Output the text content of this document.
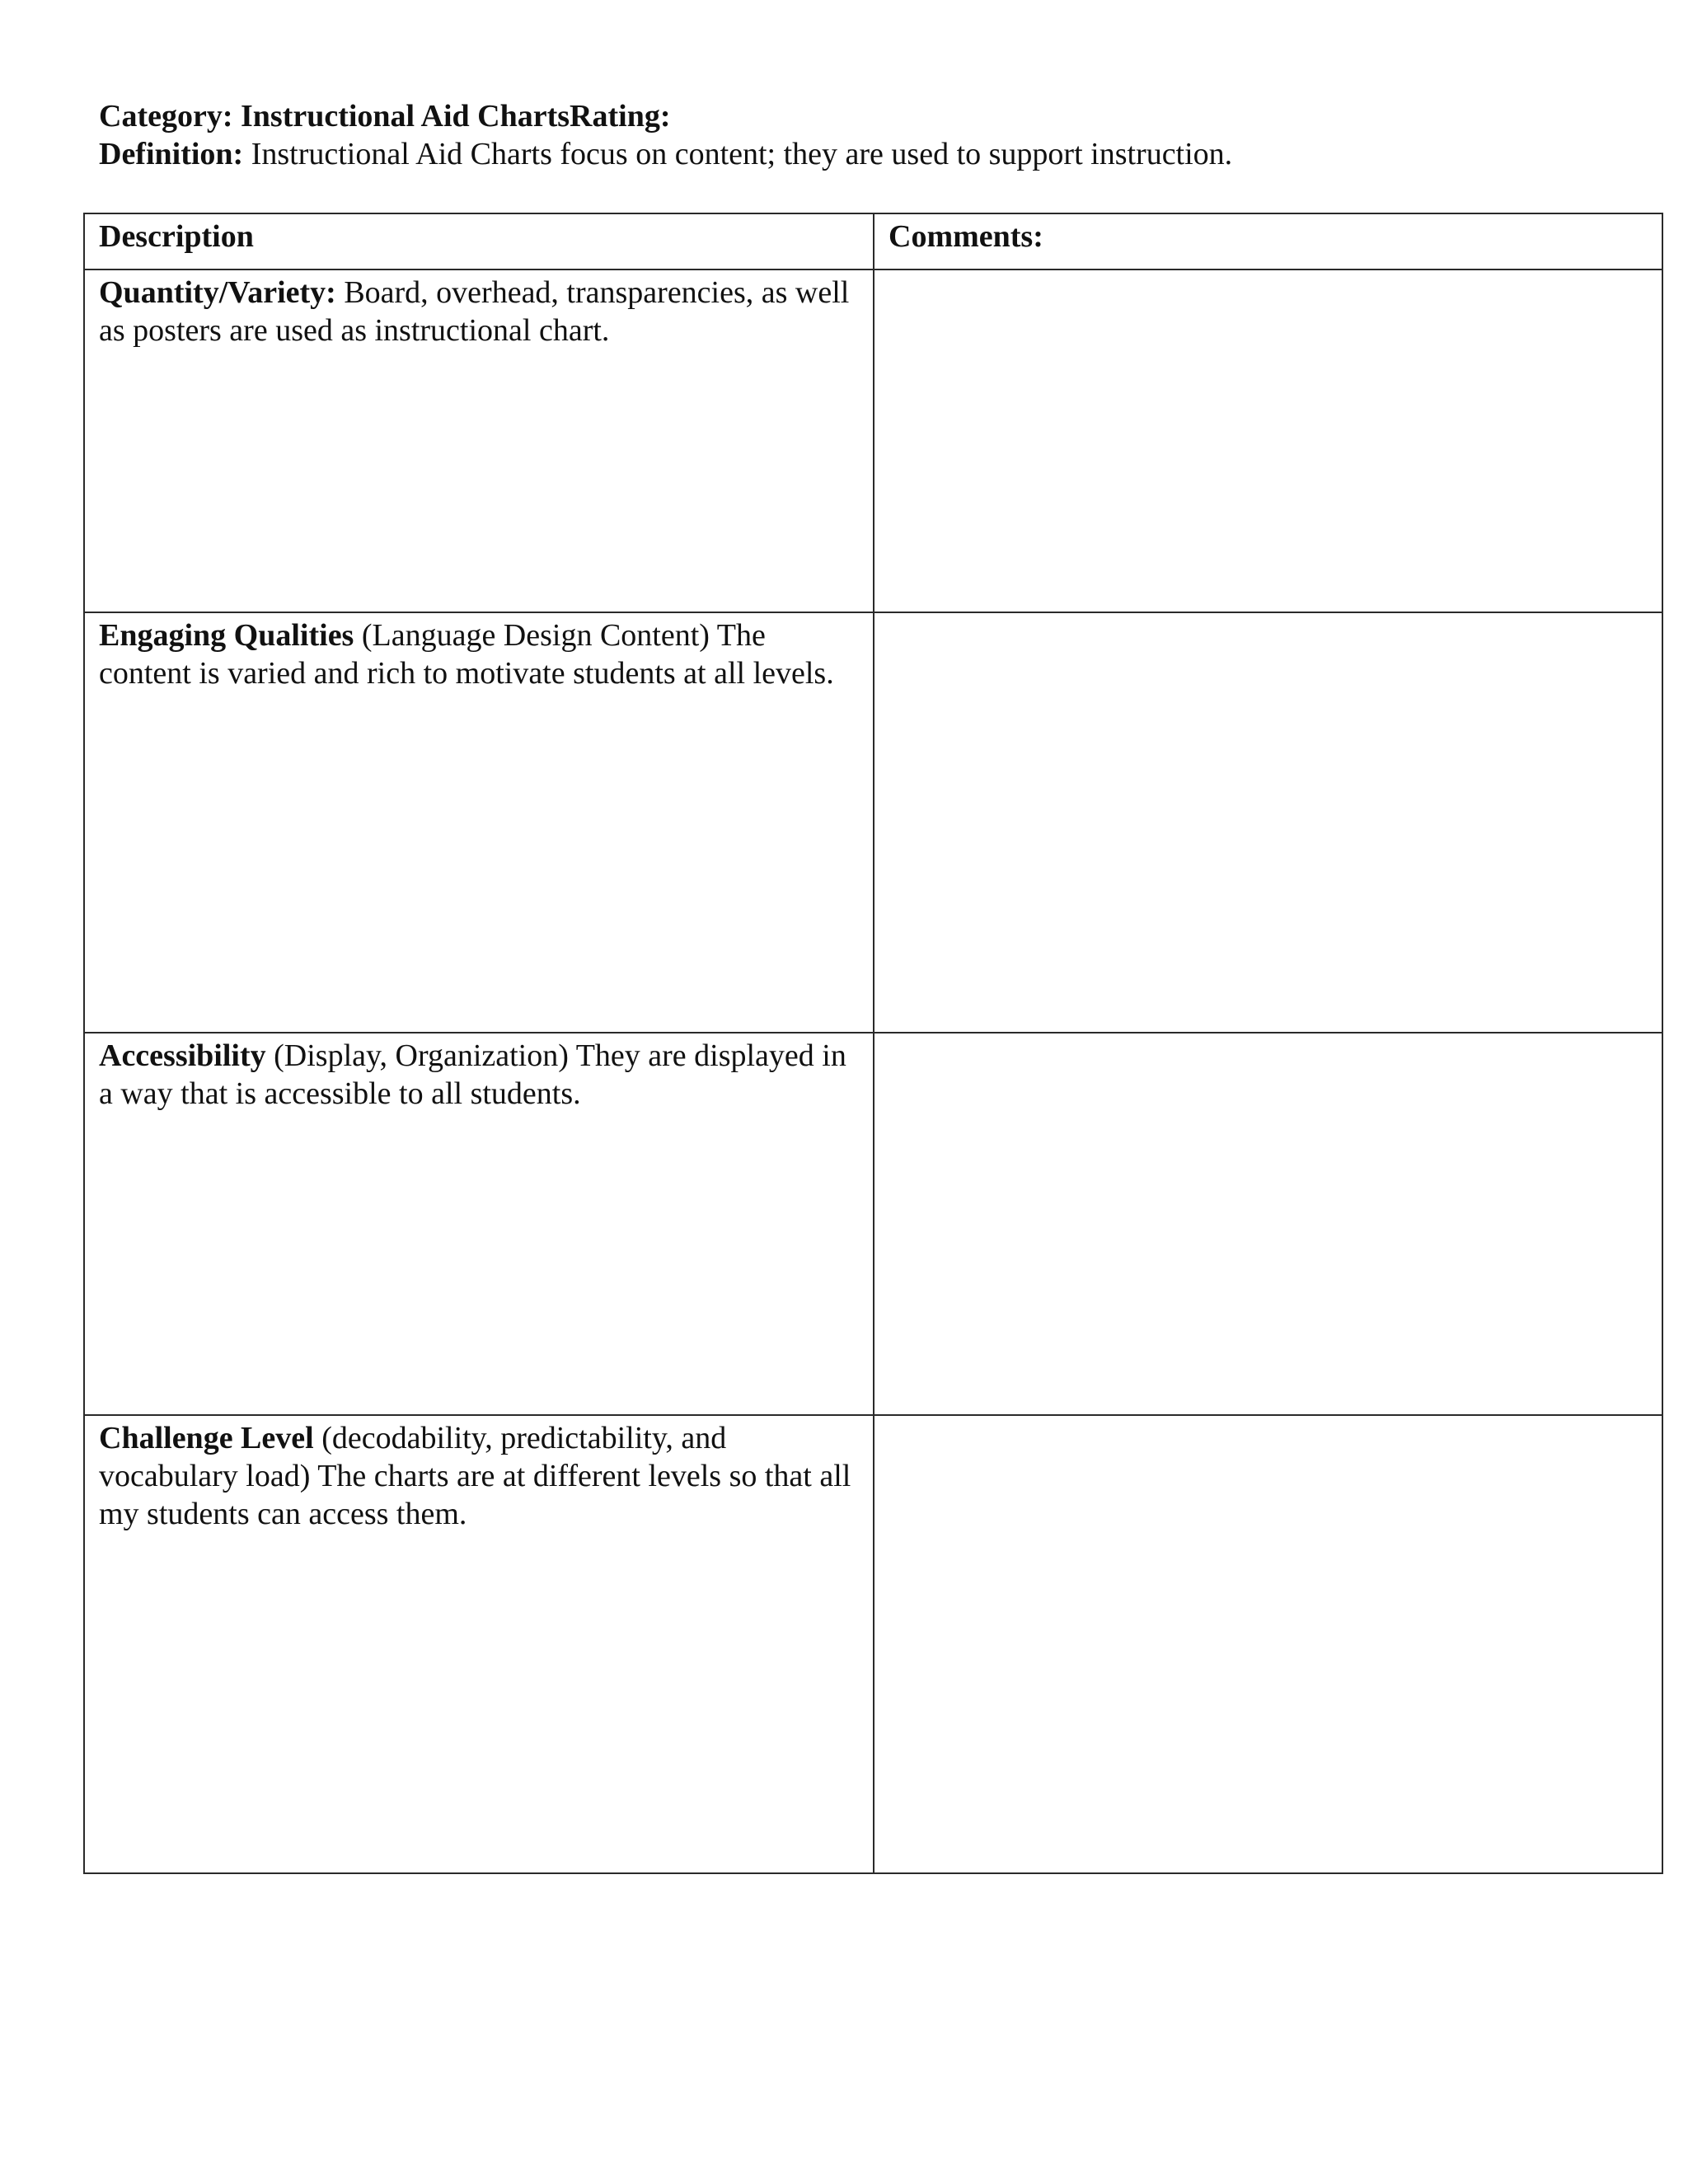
Category: Instructional Aid ChartsRating:

Definition: Instructional Aid Charts focus on content; they are used to support instruction.

Description	Comments:

Quantity/Variety: Board, overhead, transparencies, as well as posters are used as instructional chart.	

Engaging Qualities (Language Design Content) The content is varied and rich to motivate students at all levels.	

Accessibility (Display, Organization) They are displayed in a way that is accessible to all students.	

Challenge Level (decodability, predictability, and vocabulary load) The charts are at different levels so that all my students can access them.	
